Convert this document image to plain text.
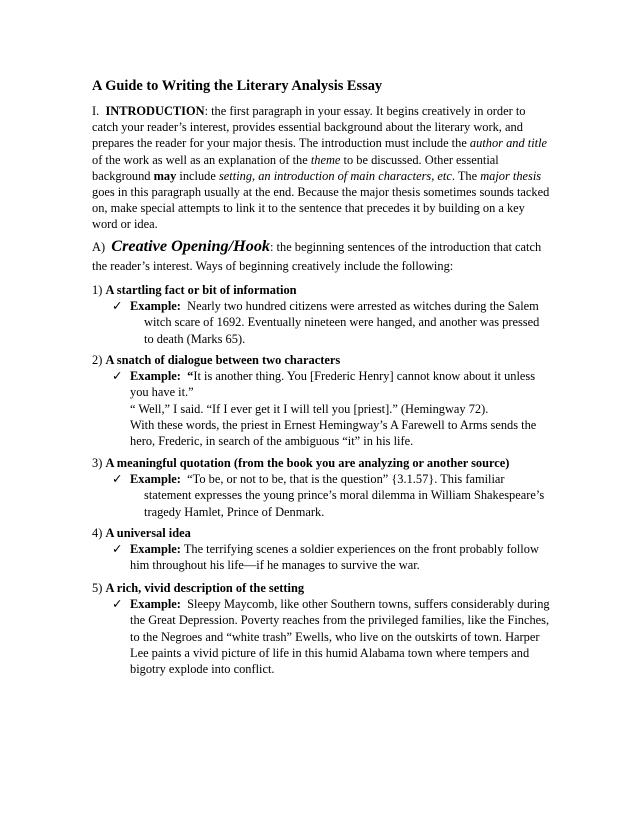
A Guide to Writing the Literary Analysis Essay
I. INTRODUCTION: the first paragraph in your essay. It begins creatively in order to catch your reader’s interest, provides essential background about the literary work, and prepares the reader for your major thesis. The introduction must include the author and title of the work as well as an explanation of the theme to be discussed. Other essential background may include setting, an introduction of main characters, etc. The major thesis goes in this paragraph usually at the end. Because the major thesis sometimes sounds tacked on, make special attempts to link it to the sentence that precedes it by building on a key word or idea.
A) Creative Opening/Hook: the beginning sentences of the introduction that catch the reader’s interest. Ways of beginning creatively include the following:
1) A startling fact or bit of information
✓ Example: Nearly two hundred citizens were arrested as witches during the Salem
witch scare of 1692. Eventually nineteen were hanged, and another was pressed to death (Marks 65).
2) A snatch of dialogue between two characters
✓ Example: “It is another thing. You [Frederic Henry] cannot know about it unless you have it.”
“ Well,” I said. “If I ever get it I will tell you [priest].” (Hemingway 72).
With these words, the priest in Ernest Hemingway’s A Farewell to Arms sends the hero, Frederic, in search of the ambiguous “it” in his life.
3) A meaningful quotation (from the book you are analyzing or another source)
✓ Example: “To be, or not to be, that is the question” {3.1.57}. This familiar
statement expresses the young prince’s moral dilemma in William Shakespeare’s tragedy Hamlet, Prince of Denmark.
4) A universal idea
✓ Example: The terrifying scenes a soldier experiences on the front probably follow him throughout his life—if he manages to survive the war.
5) A rich, vivid description of the setting
✓ Example: Sleepy Maycomb, like other Southern towns, suffers considerably during the Great Depression. Poverty reaches from the privileged families, like the Finches, to the Negroes and “white trash” Ewells, who live on the outskirts of town. Harper Lee paints a vivid picture of life in this humid Alabama town where tempers and bigotry explode into conflict.
